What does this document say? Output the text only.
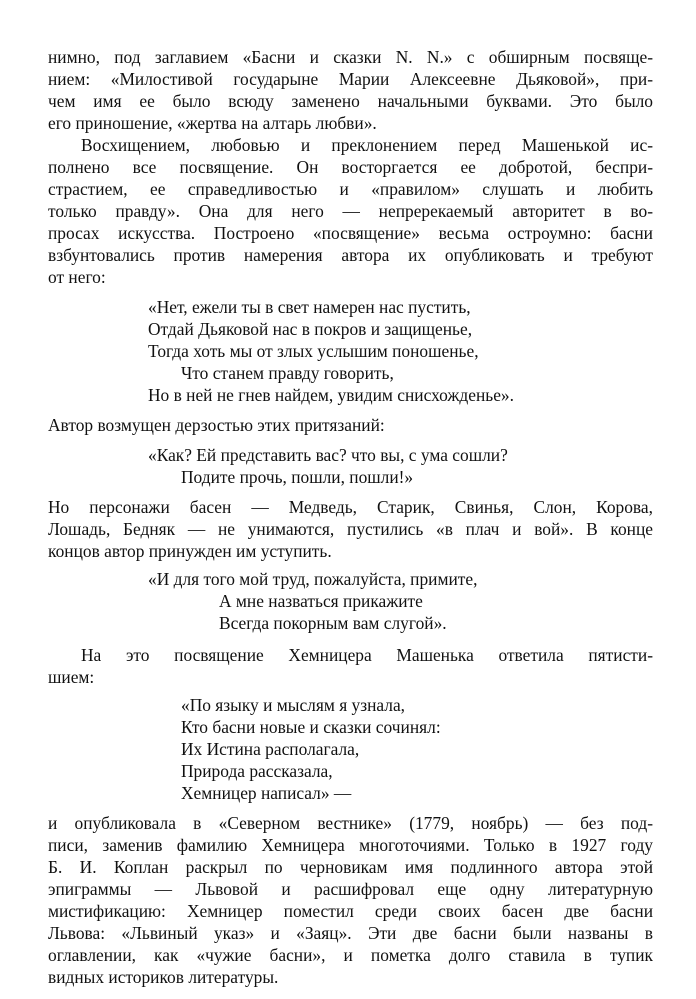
нимно, под заглавием «Басни и сказки N. N.» с обширным посвяще-
нием: «Милостивой государыне Марии Алексеевне Дьяковой», при-
чем имя ее было всюду заменено начальными буквами. Это было
его приношение, «жертва на алтарь любви».
Восхищением, любовью и преклонением перед Машенькой ис-
полнено все посвящение. Он восторгается ее добротой, беспри-
страстием, ее справедливостью и «правилом» слушать и любить
только правду». Она для него — непререкаемый авторитет в во-
просах искусства. Построено «посвящение» весьма остроумно: басни
взбунтовались против намерения автора их опубликовать и требуют
от него:
«Нет, ежели ты в свет намерен нас пустить,
Отдай Дьяковой нас в покров и защищенье,
Тогда хоть мы от злых услышим поношенье,
Что станем правду говорить,
Но в ней не гнев найдем, увидим снисхожденье».
Автор возмущен дерзостью этих притязаний:
«Как? Ей представить вас? что вы, с ума сошли?
Подите прочь, пошли, пошли!»
Но персонажи басен — Медведь, Старик, Свинья, Слон, Корова,
Лошадь, Бедняк — не унимаются, пустились «в плач и вой». В конце
концов автор принужден им уступить.
«И для того мой труд, пожалуйста, примите,
А мне назваться прикажите
Всегда покорным вам слугой».
На это посвящение Хемницера Машенька ответила пятисти-
шием:
«По языку и мыслям я узнала,
Кто басни новые и сказки сочинял:
Их Истина располагала,
Природа рассказала,
Хемницер написал» —
и опубликовала в «Северном вестнике» (1779, ноябрь) — без под-
писи, заменив фамилию Хемницера многоточиями. Только в 1927 году
Б. И. Коплан раскрыл по черновикам имя подлинного автора этой
эпиграммы — Львовой и расшифровал еще одну литературную
мистификацию: Хемницер поместил среди своих басен две басни
Львова: «Львиный указ» и «Заяц». Эти две басни были названы в
оглавлении, как «чужие басни», и пометка долго ставила в тупик
видных историков литературы.
